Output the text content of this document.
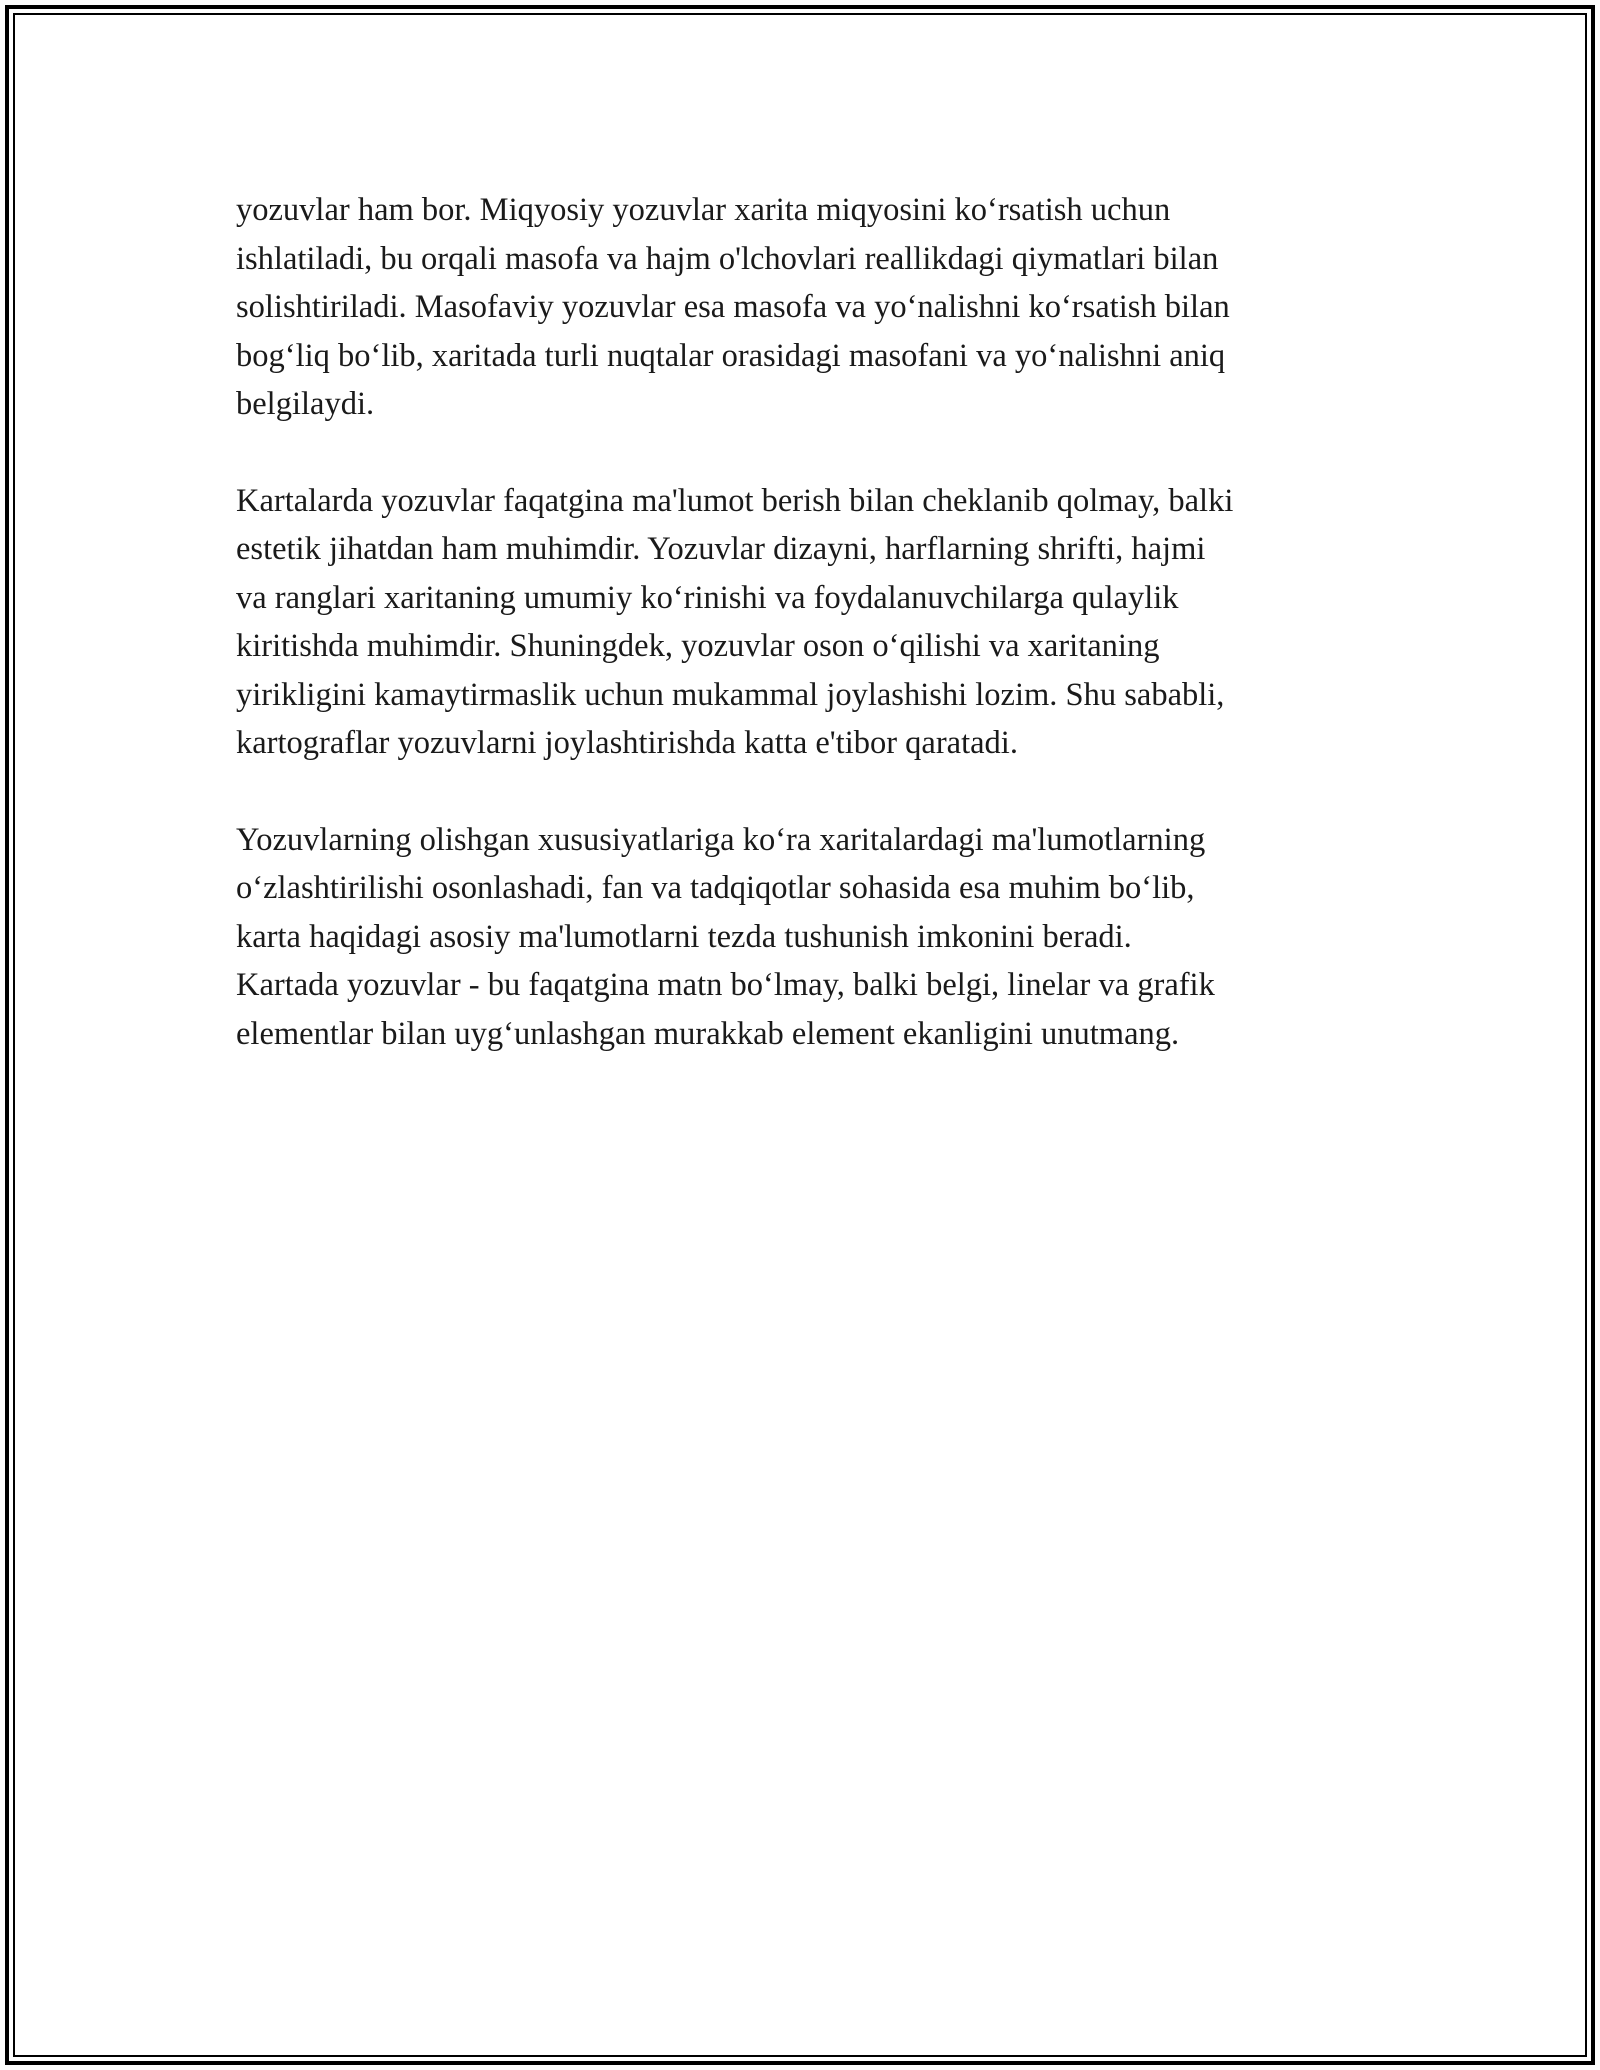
yozuvlar ham bor. Miqyosiy yozuvlar xarita miqyosini koʻrsatish uchun
ishlatiladi, bu orqali masofa va hajm o'lchovlari reallikdagi qiymatlari bilan
solishtiriladi. Masofaviy yozuvlar esa masofa va yoʻnalishni koʻrsatish bilan
bogʻliq boʻlib, xaritada turli nuqtalar orasidagi masofani va yoʻnalishni aniq
belgilaydi.

Kartalarda yozuvlar faqatgina ma'lumot berish bilan cheklanib qolmay, balki
estetik jihatdan ham muhimdir. Yozuvlar dizayni, harflarning shrifti, hajmi
va ranglari xaritaning umumiy koʻrinishi va foydalanuvchilarga qulaylik
kiritishda muhimdir. Shuningdek, yozuvlar oson oʻqilishi va xaritaning
yirikligini kamaytirmaslik uchun mukammal joylashishi lozim. Shu sababli,
kartograflar yozuvlarni joylashtirishda katta e'tibor qaratadi.

Yozuvlarning olishgan xususiyatlariga koʻra xaritalardagi ma'lumotlarning
oʻzlashtirilishi osonlashadi, fan va tadqiqotlar sohasida esa muhim boʻlib,
karta haqidagi asosiy ma'lumotlarni tezda tushunish imkonini beradi.
Kartada yozuvlar - bu faqatgina matn boʻlmay, balki belgi, linelar va grafik
elementlar bilan uygʻunlashgan murakkab element ekanligini unutmang.
